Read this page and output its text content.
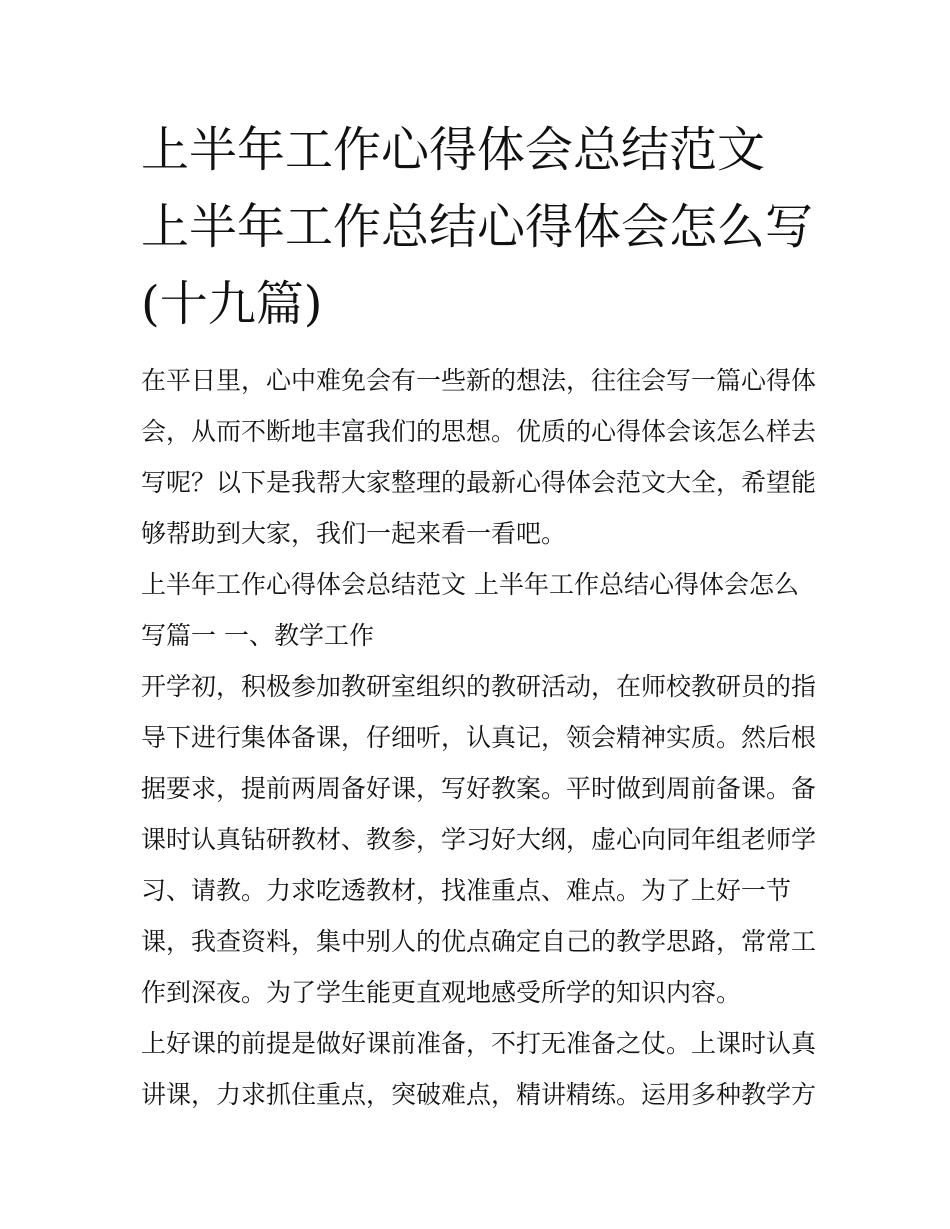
上半年工作心得体会总结范文 上半年工作总结心得体会怎么写(十九篇)

在平日里，心中难免会有一些新的想法，往往会写一篇心得体会，从而不断地丰富我们的思想。优质的心得体会该怎么样去写呢？以下是我帮大家整理的最新心得体会范文大全，希望能够帮助到大家，我们一起来看一看吧。

上半年工作心得体会总结范文 上半年工作总结心得体会怎么写篇一 一、教学工作

开学初，积极参加教研室组织的教研活动，在师校教研员的指导下进行集体备课，仔细听，认真记，领会精神实质。然后根据要求，提前两周备好课，写好教案。平时做到周前备课。备课时认真钻研教材、教参，学习好大纲，虚心向同年组老师学习、请教。力求吃透教材，找准重点、难点。为了上好一节课，我查资料，集中别人的优点确定自己的教学思路，常常工作到深夜。为了学生能更直观地感受所学的知识内容。

上好课的前提是做好课前准备，不打无准备之仗。上课时认真讲课，力求抓住重点，突破难点，精讲精练。运用多种教学方
